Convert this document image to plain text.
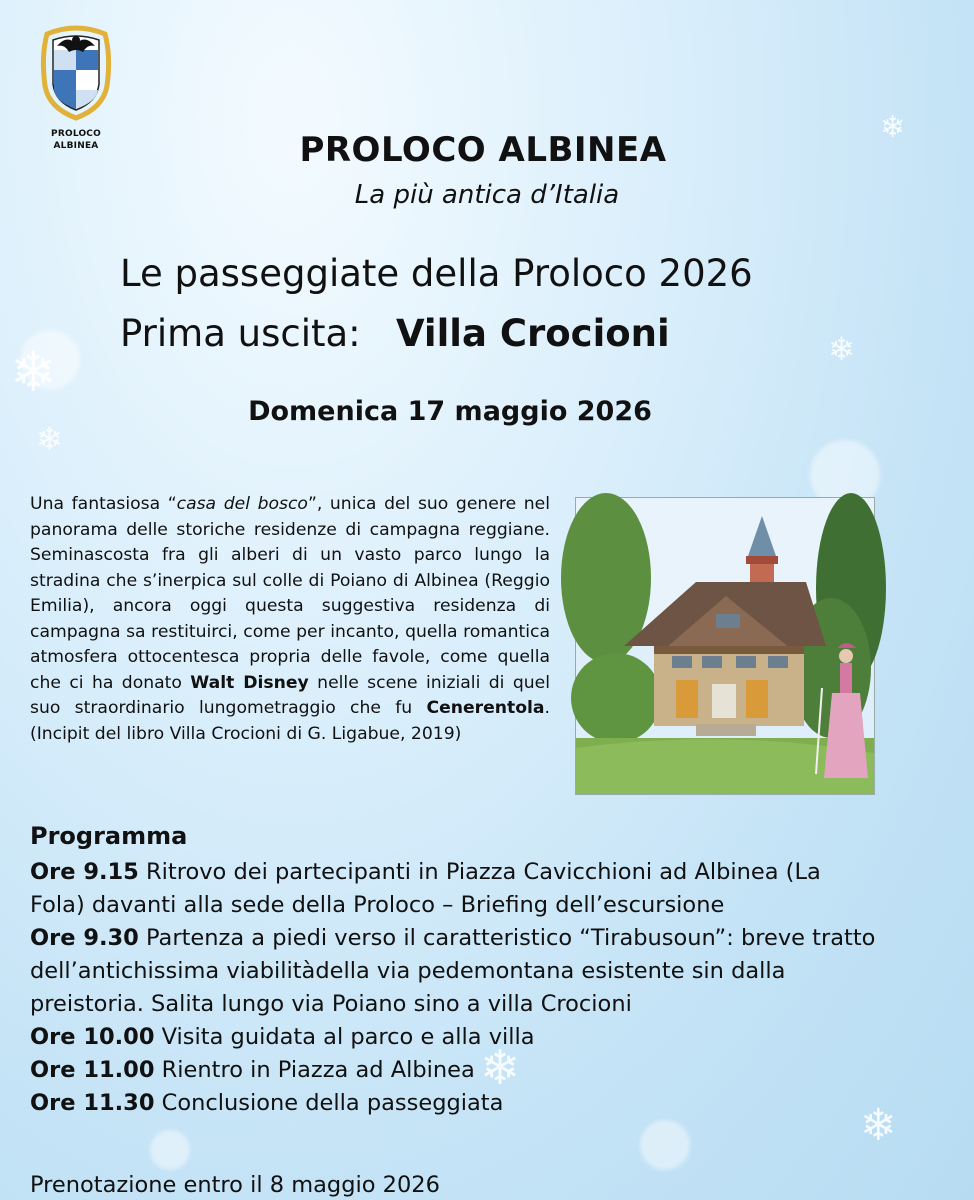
❄
❄
❄
❄
❄
❄
PROLOCO
ALBINEA	PROLOCO ALBINEA
La più antica d’Italia
Le passeggiate della Proloco 2026
Prima uscita: Villa Crocioni
Domenica 17 maggio 2026
Una fantasiosa “casa del bosco”, unica del suo genere nel panorama delle storiche residenze di campagna reggiane. Seminascosta fra gli alberi di un vasto parco lungo la stradina che s’inerpica sul colle di Poiano di Albinea (Reggio Emilia), ancora oggi questa suggestiva residenza di campagna sa restituirci, come per incanto, quella romantica atmosfera ottocentesca propria delle favole, come quella che ci ha donato Walt Disney nelle scene iniziali di quel suo straordinario lungometraggio che fu Cenerentola. (Incipit del libro Villa Crocioni di G. Ligabue, 2019)
Programma
Ore 9.15 Ritrovo dei partecipanti in Piazza Cavicchioni ad Albinea (La Fola) davanti alla sede della Proloco – Briefing dell’escursione
Ore 9.30 Partenza a piedi verso il caratteristico “Tirabusoun”: breve tratto dell’antichissima viabilitàdella via pedemontana esistente sin dalla preistoria. Salita lungo via Poiano sino a villa Crocioni
Ore 10.00 Visita guidata al parco e alla villa
Ore 11.00 Rientro in Piazza ad Albinea
Ore 11.30 Conclusione della passeggiata
Prenotazione entro il 8 maggio 2026
